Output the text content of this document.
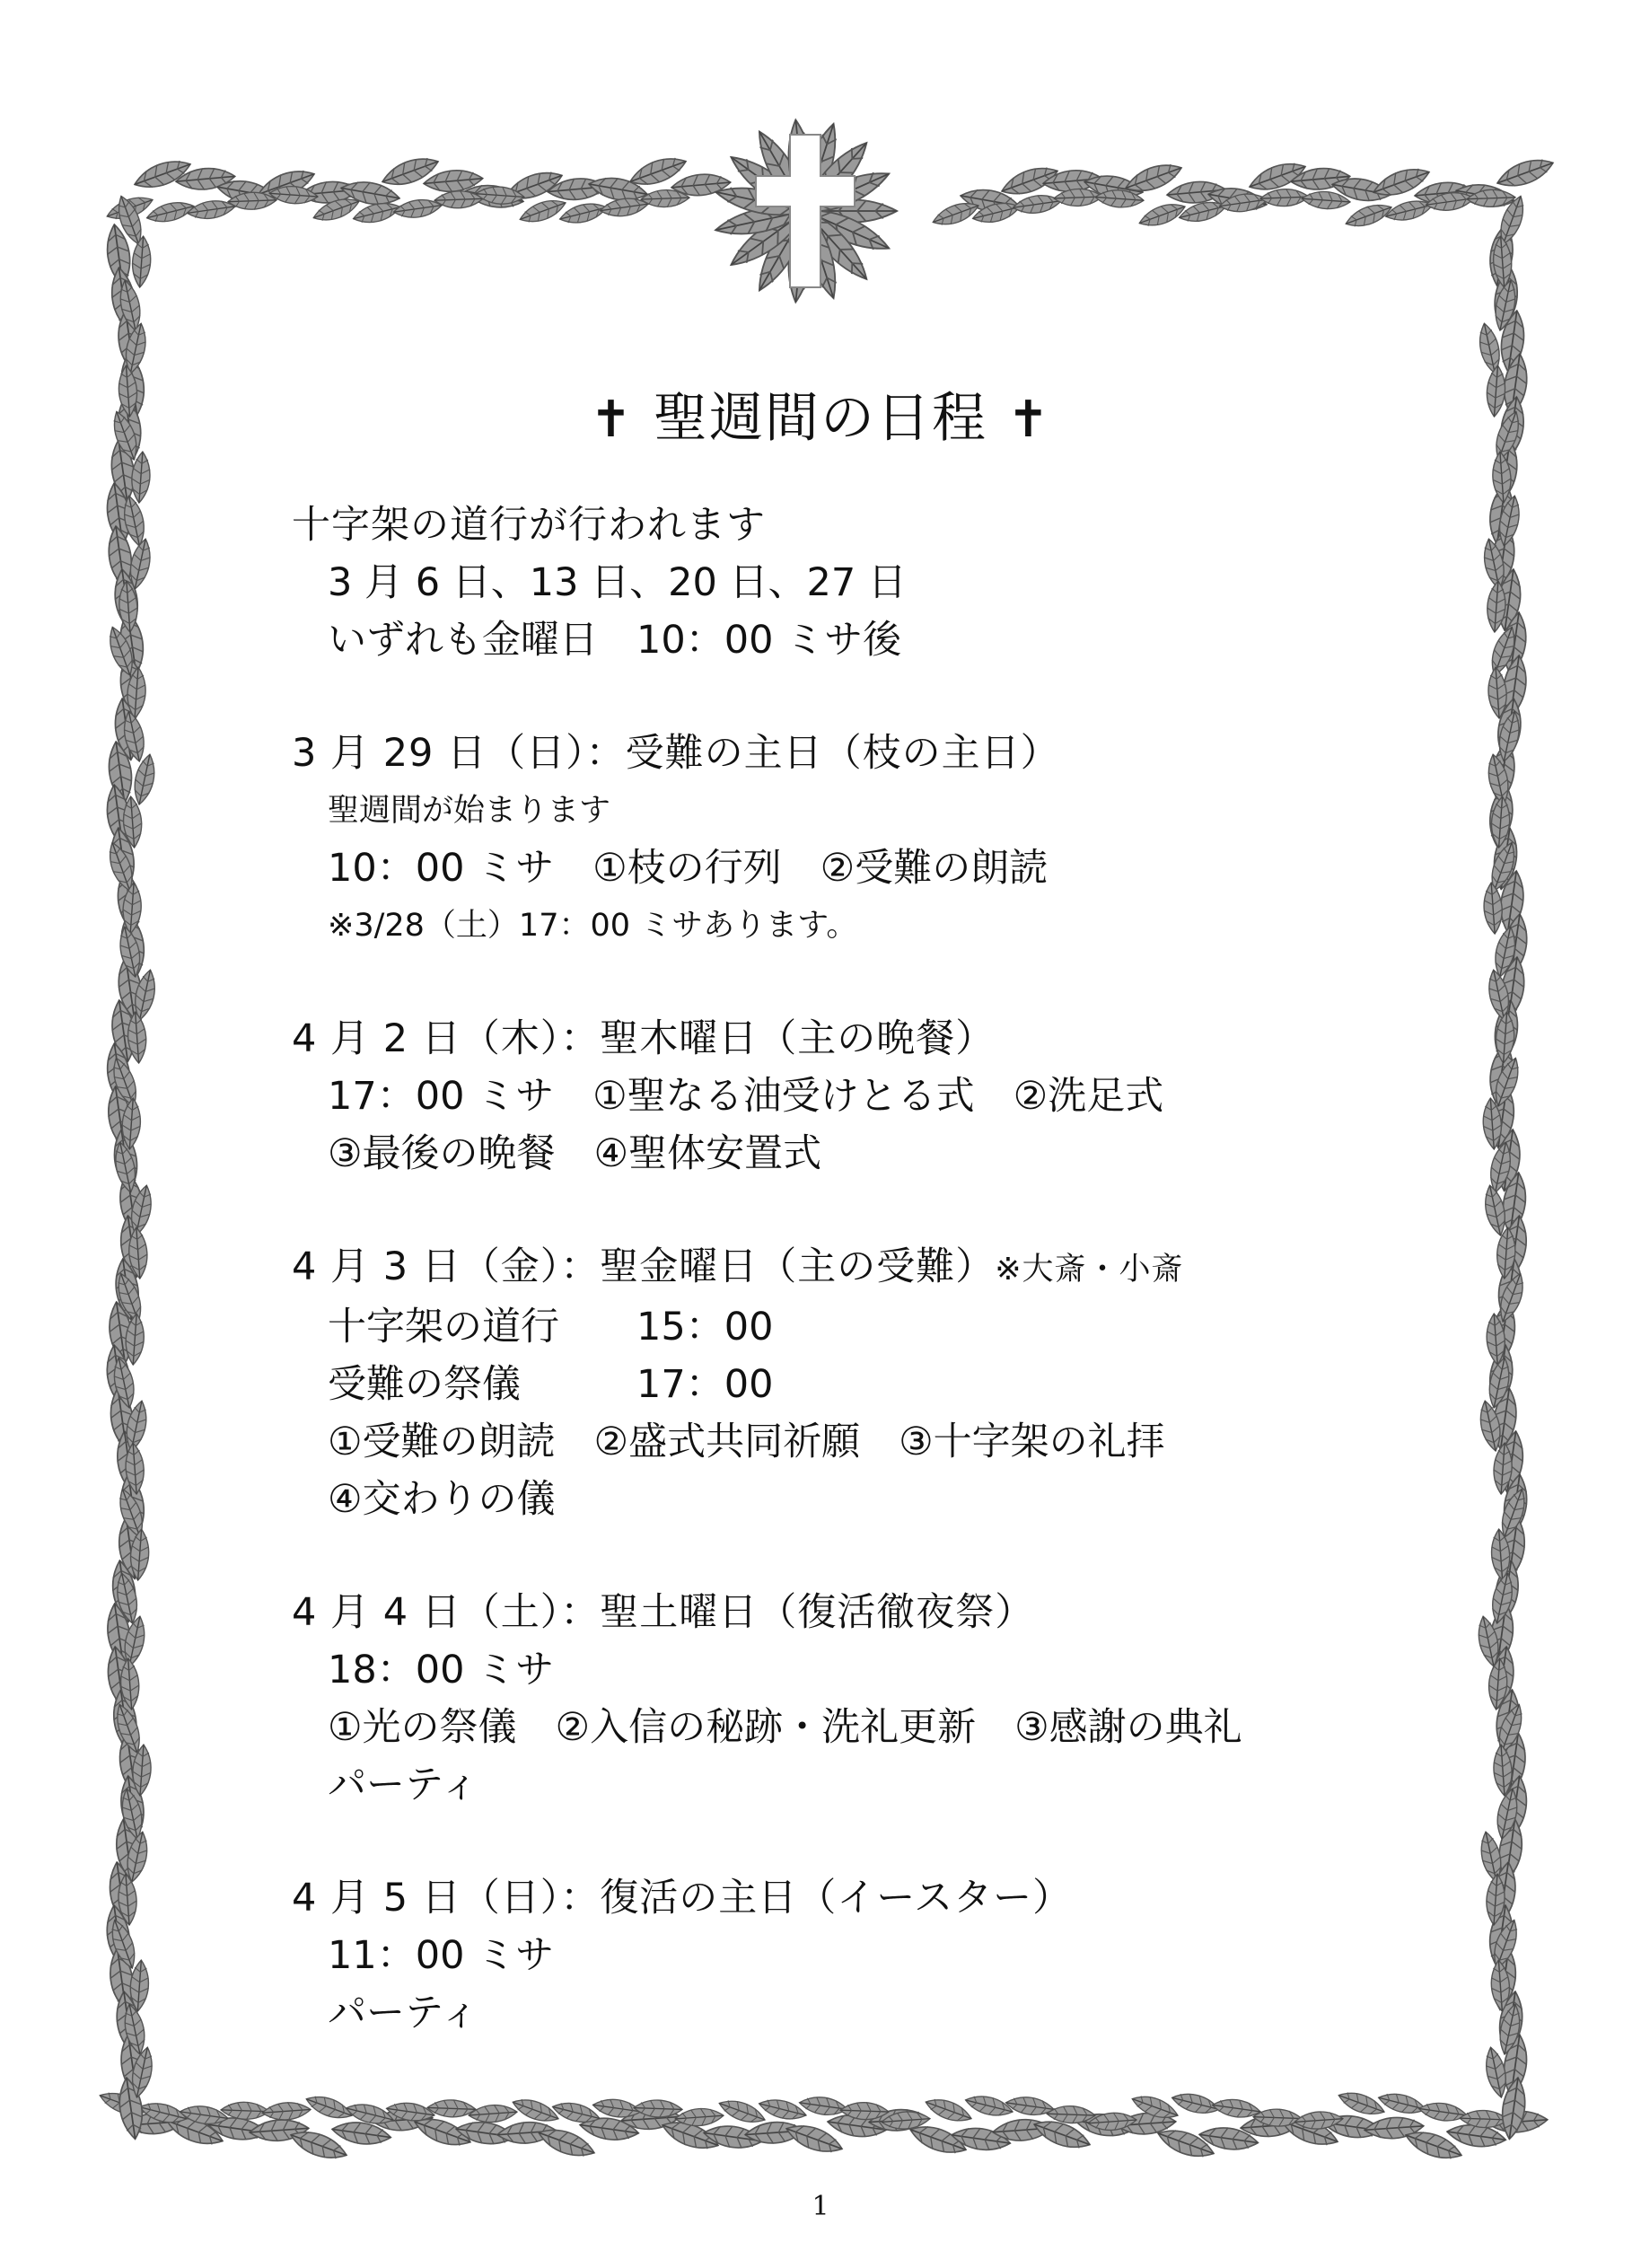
✝ 聖週間の日程 ✝
十字架の道行が行われます
3 月 6 日、13 日、20 日、27 日
いずれも金曜日　10：00 ミサ後
3 月 29 日（日）：受難の主日（枝の主日）
聖週間が始まります
10：00 ミサ　①枝の行列　②受難の朗読
※3/28（土）17：00 ミサあります。
4 月 2 日（木）：聖木曜日（主の晩餐）
17：00 ミサ　①聖なる油受けとる式　②洗足式
③最後の晩餐　④聖体安置式
4 月 3 日（金）：聖金曜日（主の受難）※大斎・小斎
十字架の道行　　15：00
受難の祭儀　　　17：00
①受難の朗読　②盛式共同祈願　③十字架の礼拝
④交わりの儀
4 月 4 日（土）：聖土曜日（復活徹夜祭）
18：00 ミサ
①光の祭儀　②入信の秘跡・洗礼更新　③感謝の典礼
パーティ
4 月 5 日（日）：復活の主日（イースター）
11：00 ミサ
パーティ
1
